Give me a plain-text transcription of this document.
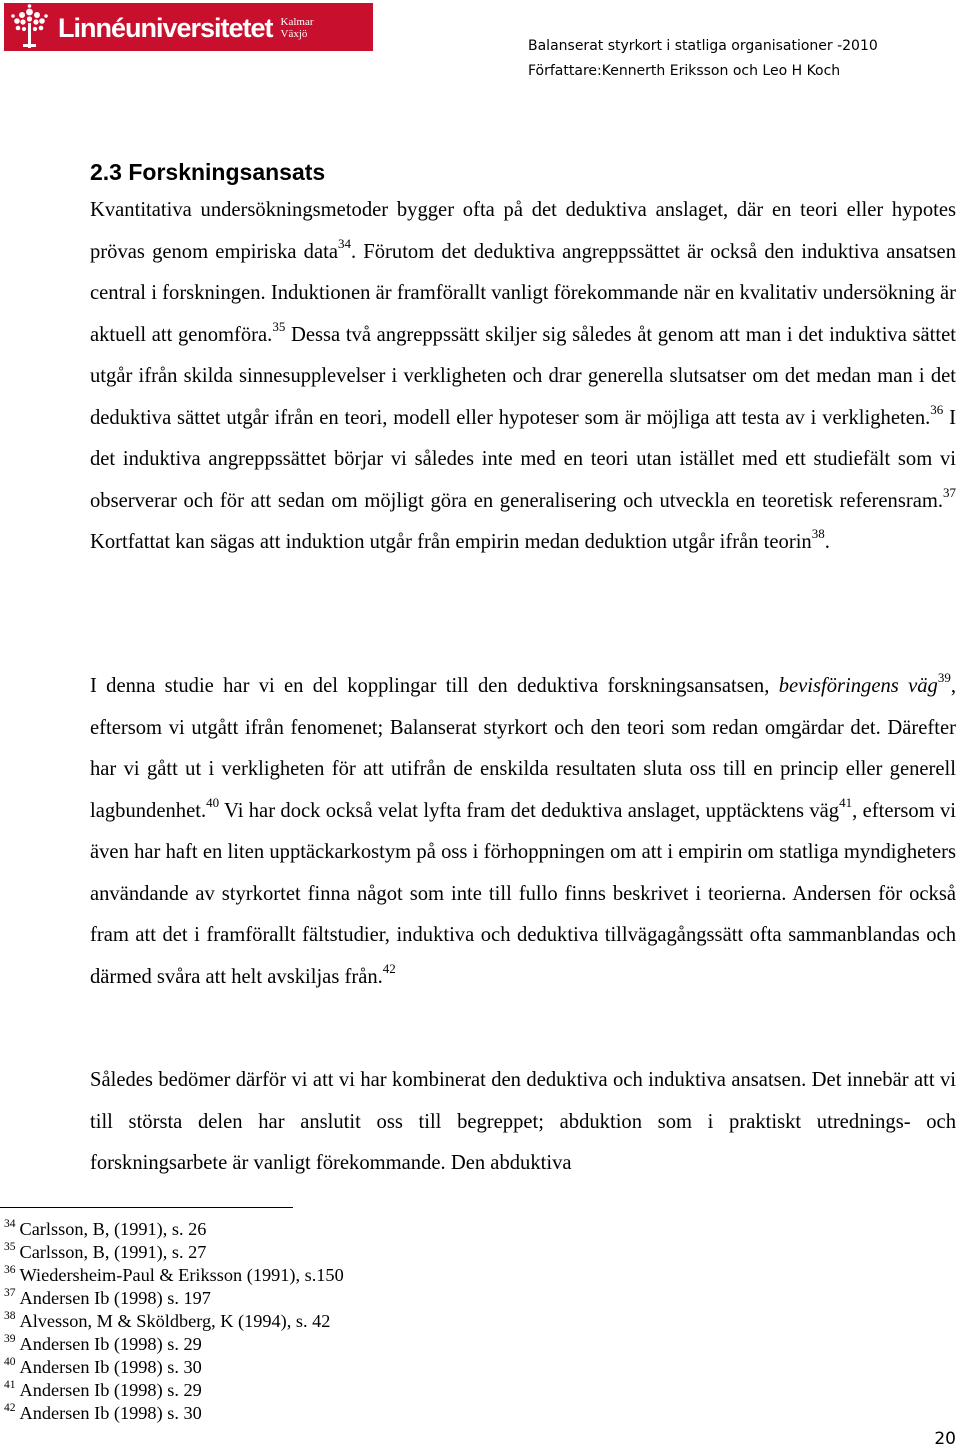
Linnéuniversitetet Kalmar
Växjö
Balanserat styrkort i statliga organisationer -2010
Författare:Kennerth Eriksson och Leo H Koch
2.3 Forskningsansats

Kvantitativa undersökningsmetoder bygger ofta på det deduktiva anslaget, där en teori eller hypotes prövas genom empiriska data$^{34}$. Förutom det deduktiva angreppssättet är också den induktiva ansatsen central i forskningen. Induktionen är framförallt vanligt förekommande när en kvalitativ undersökning är aktuell att genomföra.$^{35}$ Dessa två angreppssätt skiljer sig således åt genom att man i det induktiva sättet utgår ifrån skilda sinnesupplevelser i verkligheten och drar generella slutsatser om det medan man i det deduktiva sättet utgår ifrån en teori, modell eller hypoteser som är möjliga att testa av i verkligheten.$^{36}$ I det induktiva angreppssättet börjar vi således inte med en teori utan istället med ett studiefält som vi observerar och för att sedan om möjligt göra en generalisering och utveckla en teoretisk referensram.$^{37}$ Kortfattat kan sägas att induktion utgår från empirin medan deduktion utgår ifrån teorin$^{38}$.

I denna studie har vi en del kopplingar till den deduktiva forskningsansatsen, bevisföringens väg$^{39}$, eftersom vi utgått ifrån fenomenet; Balanserat styrkort och den teori som redan omgärdar det. Därefter har vi gått ut i verkligheten för att utifrån de enskilda resultaten sluta oss till en princip eller generell lagbundenhet.$^{40}$ Vi har dock också velat lyfta fram det deduktiva anslaget, upptäcktens väg$^{41}$, eftersom vi även har haft en liten upptäckarkostym på oss i förhoppningen om att i empirin om statliga myndigheters användande av styrkortet finna något som inte till fullo finns beskrivet i teorierna. Andersen för också fram att det i framförallt fältstudier, induktiva och deduktiva tillvägagångssätt ofta sammanblandas och därmed svåra att helt avskiljas från.$^{42}$

Således bedömer därför vi att vi har kombinerat den deduktiva och induktiva ansatsen. Det innebär att vi till största delen har anslutit oss till begreppet; abduktion som i praktiskt utrednings- och forskningsarbete är vanligt förekommande. Den abduktiva

$^{34}$ Carlsson, B, (1991), s. 26
$^{35}$ Carlsson, B, (1991), s. 27
$^{36}$ Wiedersheim-Paul & Eriksson (1991), s.150
$^{37}$ Andersen Ib (1998) s. 197
$^{38}$ Alvesson, M & Sköldberg, K (1994), s. 42
$^{39}$ Andersen Ib (1998) s. 29
$^{40}$ Andersen Ib (1998) s. 30
$^{41}$ Andersen Ib (1998) s. 29
$^{42}$ Andersen Ib (1998) s. 30
20
